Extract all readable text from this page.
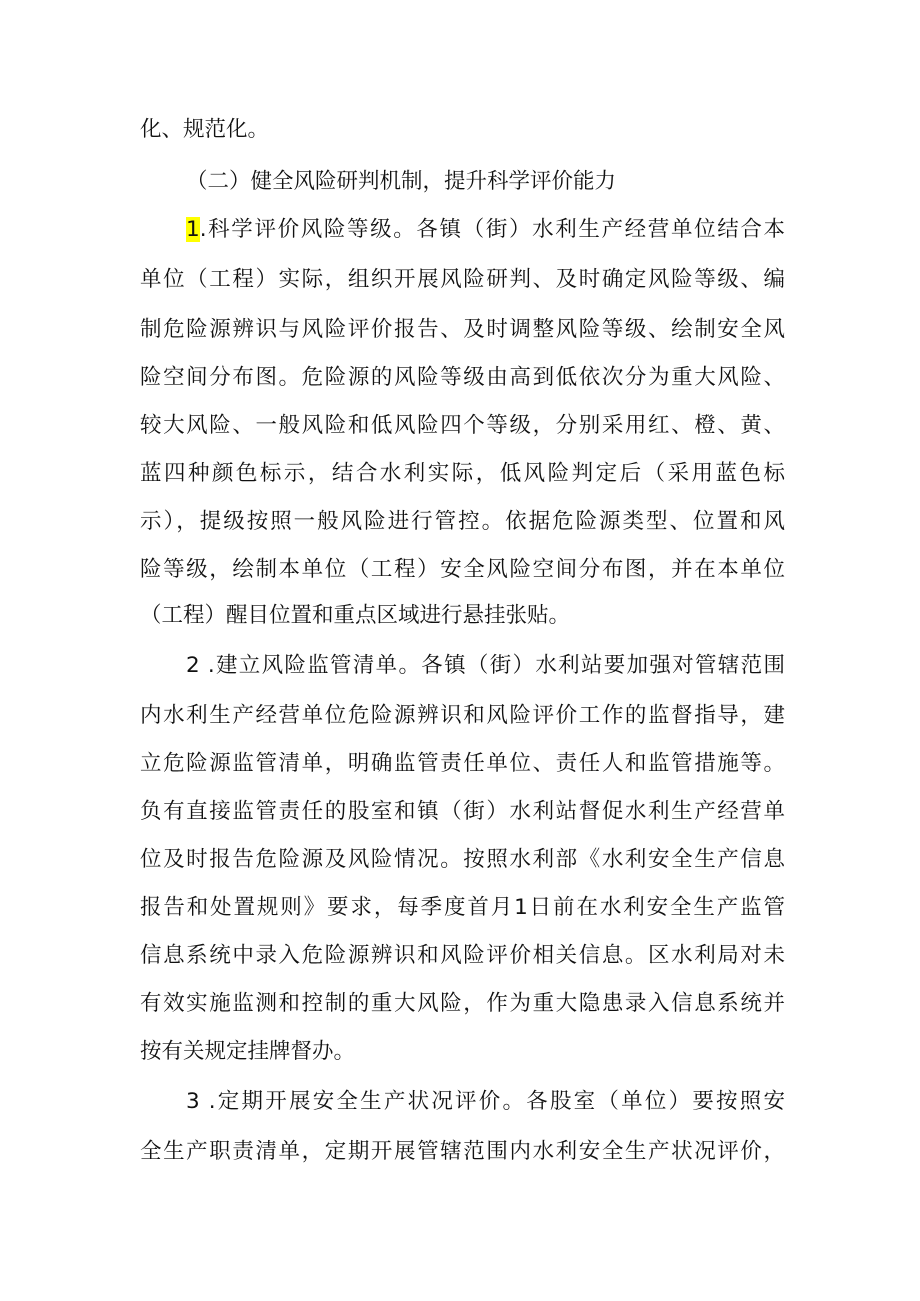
化、规范化。
（二）健全风险研判机制，提升科学评价能力
1.科学评价风险等级。各镇（街）水利生产经营单位结合本
单位（工程）实际，组织开展风险研判、及时确定风险等级、编
制危险源辨识与风险评价报告、及时调整风险等级、绘制安全风
险空间分布图。危险源的风险等级由高到低依次分为重大风险、
较大风险、一般风险和低风险四个等级，分别采用红、橙、黄、
蓝四种颜色标示，结合水利实际，低风险判定后（采用蓝色标
示），提级按照一般风险进行管控。依据危险源类型、位置和风
险等级，绘制本单位（工程）安全风险空间分布图，并在本单位
（工程）醒目位置和重点区域进行悬挂张贴。
2 .建立风险监管清单。各镇（街）水利站要加强对管辖范围
内水利生产经营单位危险源辨识和风险评价工作的监督指导，建
立危险源监管清单，明确监管责任单位、责任人和监管措施等。
负有直接监管责任的股室和镇（街）水利站督促水利生产经营单
位及时报告危险源及风险情况。按照水利部《水利安全生产信息
报告和处置规则》要求，每季度首月1日前在水利安全生产监管
信息系统中录入危险源辨识和风险评价相关信息。区水利局对未
有效实施监测和控制的重大风险，作为重大隐患录入信息系统并
按有关规定挂牌督办。
3 .定期开展安全生产状况评价。各股室（单位）要按照安
全生产职责清单，定期开展管辖范围内水利安全生产状况评价，
